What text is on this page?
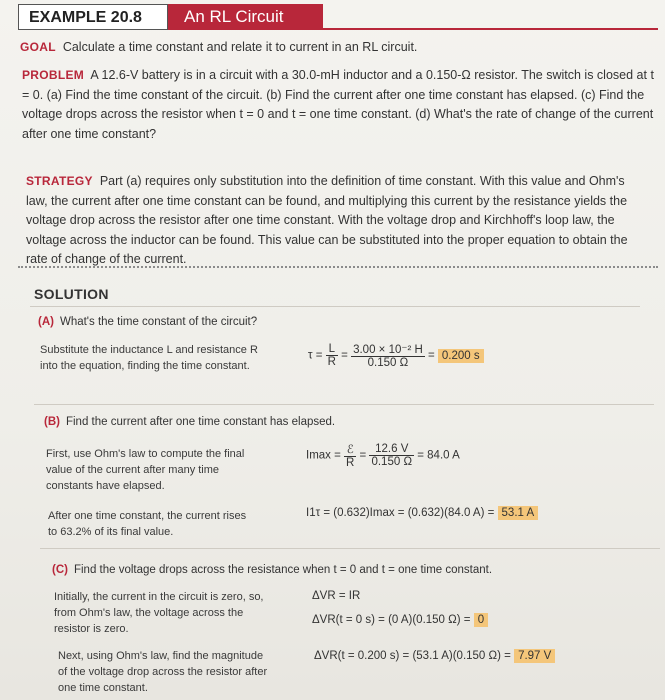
EXAMPLE 20.8	An RL Circuit
GOAL Calculate a time constant and relate it to current in an RL circuit.
PROBLEM A 12.6-V battery is in a circuit with a 30.0-mH inductor and a 0.150-Ω resistor. The switch is closed at t = 0. (a) Find the time constant of the circuit. (b) Find the current after one time constant has elapsed. (c) Find the voltage drops across the resistor when t = 0 and t = one time constant. (d) What's the rate of change of the current after one time constant?
STRATEGY Part (a) requires only substitution into the definition of time constant. With this value and Ohm's law, the current after one time constant can be found, and multiplying this current by the resistance yields the voltage drop across the resistor after one time constant. With the voltage drop and Kirchhoff's loop law, the voltage across the inductor can be found. This value can be substituted into the proper equation to obtain the rate of change of the current.
SOLUTION
(A) What's the time constant of the circuit?
Substitute the inductance L and resistance R into the equation, finding the time constant.
$\tau = \frac{L}{R} = \frac{\text{3.00 × 10⁻² H}}{0.150 \Omega} = 0.200$ s
(B) Find the current after one time constant has elapsed.
First, use Ohm's law to compute the final value of the current after many time constants have elapsed.
$Imax = \frac{\text{ℰ}}{R} = \frac{12.6 V}{0.150 \Omega} = 84.0$ A
After one time constant, the current rises to 63.2% of its final value.
I1τ = (0.632)Imax = (0.632)(84.0 A) = 53.1 A
(C) Find the voltage drops across the resistance when t = 0 and t = one time constant.
Initially, the current in the circuit is zero, so, from Ohm's law, the voltage across the resistor is zero.
ΔVR = IR
ΔVR(t = 0 s) = (0 A)(0.150 Ω) = 0
Next, using Ohm's law, find the magnitude of the voltage drop across the resistor after one time constant.
ΔVR(t = 0.200 s) = (53.1 A)(0.150 Ω) = 7.97 V
